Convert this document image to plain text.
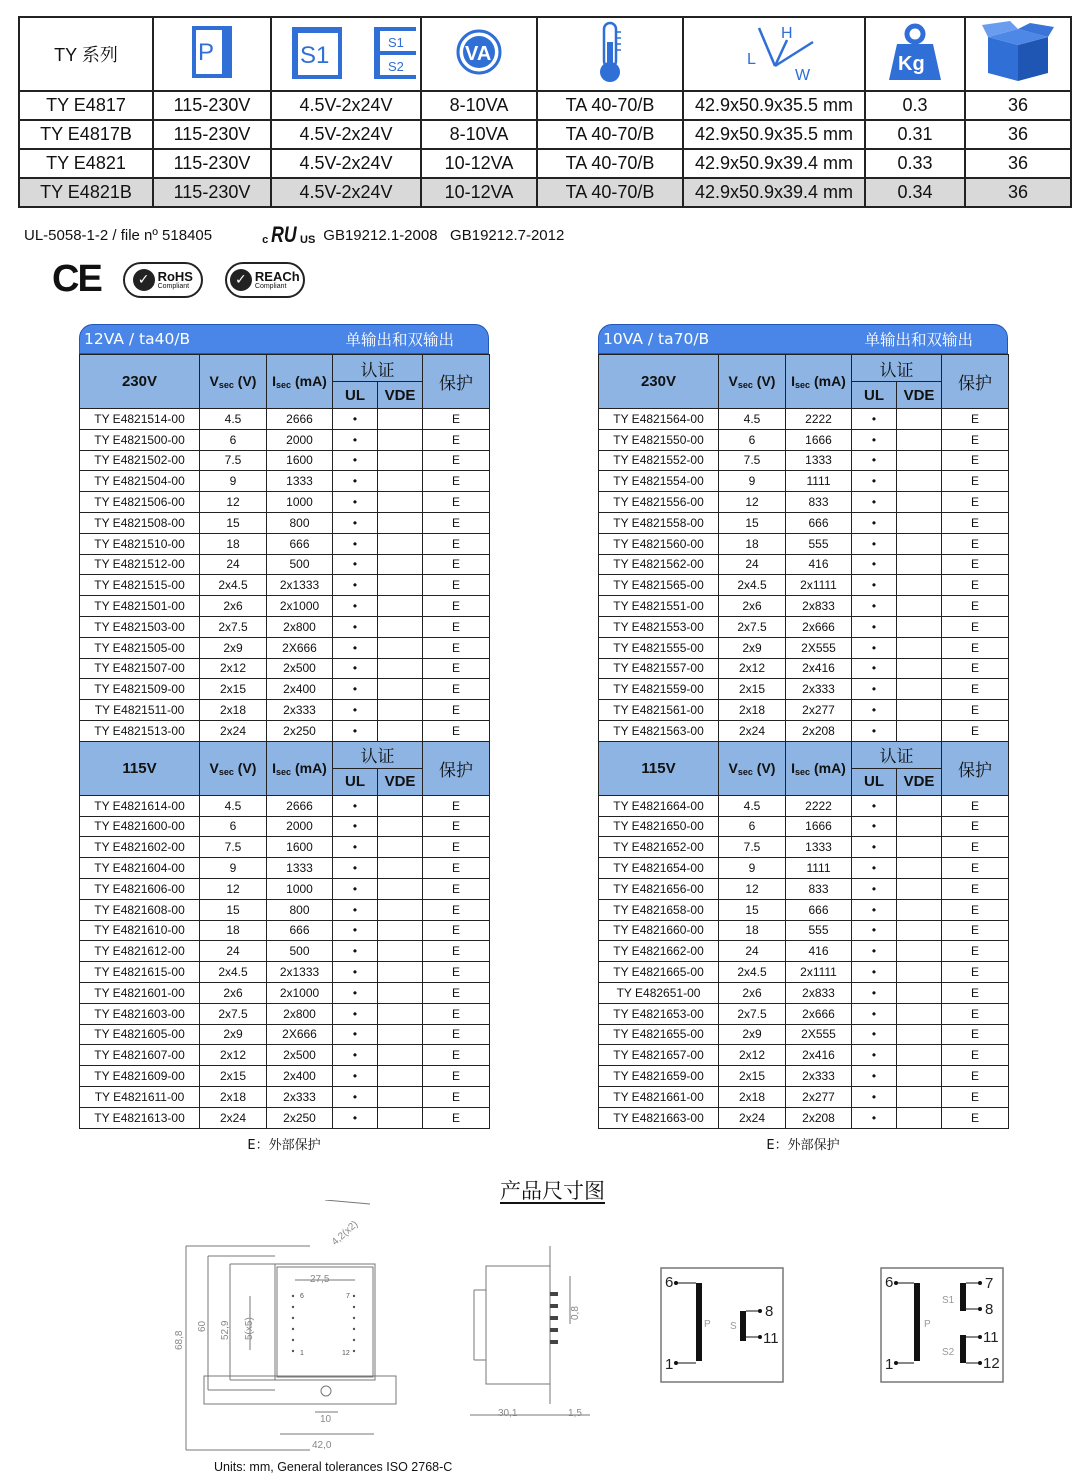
TY 系列	P	S1 S1
S2	VA		H
L
W	Kg

TY E4817	115-230V	4.5V-2x24V	8-10VA	TA 40-70/B	42.9x50.9x35.5 mm	0.3	36
TY E4817B	115-230V	4.5V-2x24V	8-10VA	TA 40-70/B	42.9x50.9x35.5 mm	0.31	36
TY E4821	115-230V	4.5V-2x24V	10-12VA	TA 40-70/B	42.9x50.9x39.4 mm	0.33	36
TY E4821B	115-230V	4.5V-2x24V	10-12VA	TA 40-70/B	42.9x50.9x39.4 mm	0.34	36
UL-5058-1-2 / file nº 518405	c RU US GB19212.1-2008   GB19212.7-2012
CE	✓ RoHS
Compliant	✓ REACh
Compliant
12VA / ta40/B	单输出和双输出
230V	$V_{sec}$ (V)	$I_{sec}$ (mA)	认证		保护
			UL	VDE	
TY E4821514-00	4.5	2666	•		E
TY E4821500-00	6	2000	•		E
TY E4821502-00	7.5	1600	•		E
TY E4821504-00	9	1333	•		E
TY E4821506-00	12	1000	•		E
TY E4821508-00	15	800	•		E
TY E4821510-00	18	666	•		E
TY E4821512-00	24	500	•		E
TY E4821515-00	2x4.5	2x1333	•		E
TY E4821501-00	2x6	2x1000	•		E
TY E4821503-00	2x7.5	2x800	•		E
TY E4821505-00	2x9	2X666	•		E
TY E4821507-00	2x12	2x500	•		E
TY E4821509-00	2x15	2x400	•		E
TY E4821511-00	2x18	2x333	•		E
TY E4821513-00	2x24	2x250	•		E
115V	$V_{sec}$ (V)	$I_{sec}$ (mA)	认证		保护
			UL	VDE	
TY E4821614-00	4.5	2666	•		E
TY E4821600-00	6	2000	•		E
TY E4821602-00	7.5	1600	•		E
TY E4821604-00	9	1333	•		E
TY E4821606-00	12	1000	•		E
TY E4821608-00	15	800	•		E
TY E4821610-00	18	666	•		E
TY E4821612-00	24	500	•		E
TY E4821615-00	2x4.5	2x1333	•		E
TY E4821601-00	2x6	2x1000	•		E
TY E4821603-00	2x7.5	2x800	•		E
TY E4821605-00	2x9	2X666	•		E
TY E4821607-00	2x12	2x500	•		E
TY E4821609-00	2x15	2x400	•		E
TY E4821611-00	2x18	2x333	•		E
TY E4821613-00	2x24	2x250	•		E
E：外部保护
10VA / ta70/B	单输出和双输出
230V	$V_{sec}$ (V)	$I_{sec}$ (mA)	认证		保护
			UL	VDE	
TY E4821564-00	4.5	2222	•		E
TY E4821550-00	6	1666	•		E
TY E4821552-00	7.5	1333	•		E
TY E4821554-00	9	1111	•		E
TY E4821556-00	12	833	•		E
TY E4821558-00	15	666	•		E
TY E4821560-00	18	555	•		E
TY E4821562-00	24	416	•		E
TY E4821565-00	2x4.5	2x1111	•		E
TY E4821551-00	2x6	2x833	•		E
TY E4821553-00	2x7.5	2x666	•		E
TY E4821555-00	2x9	2X555	•		E
TY E4821557-00	2x12	2x416	•		E
TY E4821559-00	2x15	2x333	•		E
TY E4821561-00	2x18	2x277	•		E
TY E4821563-00	2x24	2x208	•		E
115V	$V_{sec}$ (V)	$I_{sec}$ (mA)	认证		保护
			UL	VDE	
TY E4821664-00	4.5	2222	•		E
TY E4821650-00	6	1666	•		E
TY E4821652-00	7.5	1333	•		E
TY E4821654-00	9	1111	•		E
TY E4821656-00	12	833	•		E
TY E4821658-00	15	666	•		E
TY E4821660-00	18	555	•		E
TY E4821662-00	24	416	•		E
TY E4821665-00	2x4.5	2x1111	•		E
TY E482651-00	2x6	2x833	•		E
TY E4821653-00	2x7.5	2x666	•		E
TY E4821655-00	2x9	2X555	•		E
TY E4821657-00	2x12	2x416	•		E
TY E4821659-00	2x15	2x333	•		E
TY E4821661-00	2x18	2x277	•		E
TY E4821663-00	2x24	2x208	•		E
E：外部保护
产品尺寸图
27,5
4,2(x2)
68,8
60 52,9 5(x5)
6	7
1	12
10
42,0
0,8
30,1	1,5
6
1
8
11
P S
6
1
7
8
11
12
P
S1
S2
Units: mm, General tolerances ISO 2768-C
